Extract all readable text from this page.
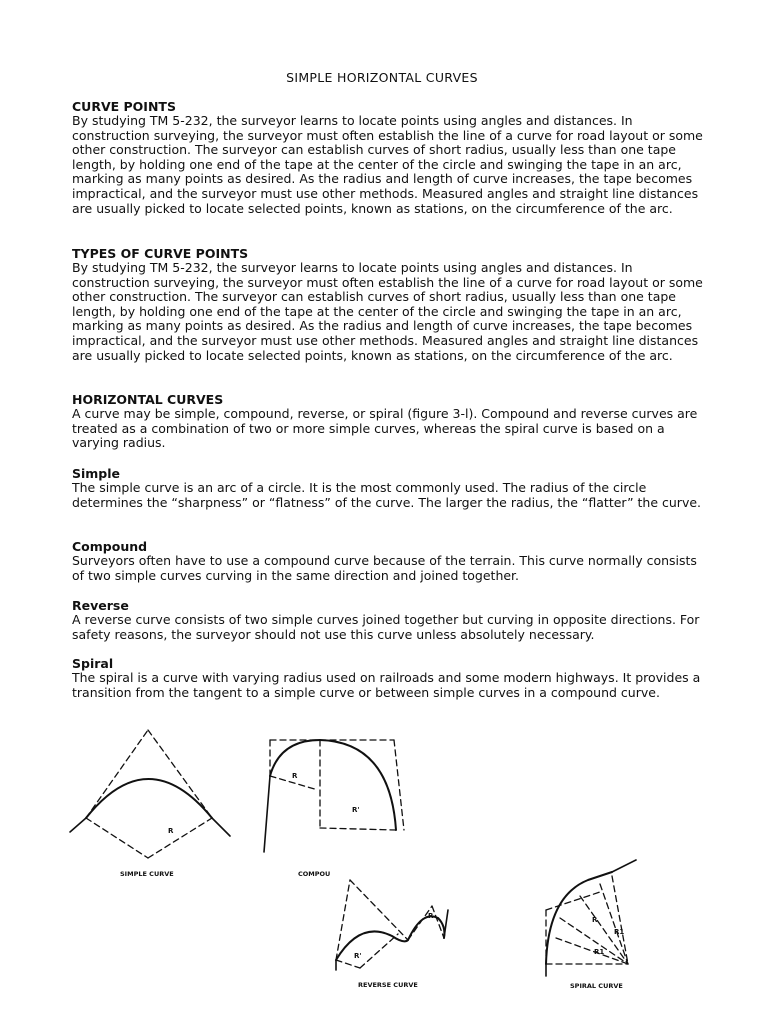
SIMPLE HORIZONTAL CURVES
CURVE POINTS

By studying TM 5-232, the surveyor learns to locate points using angles and distances. In construction surveying, the surveyor must often establish the line of a curve for road layout or some other construction. The surveyor can establish curves of short radius, usually less than one tape length, by holding one end of the tape at the center of the circle and swinging the tape in an arc, marking as many points as desired. As the radius and length of curve increases, the tape becomes impractical, and the surveyor must use other methods. Measured angles and straight line distances are usually picked to locate selected points, known as stations, on the circumference of the arc.

TYPES OF CURVE POINTS

By studying TM 5-232, the surveyor learns to locate points using angles and distances. In construction surveying, the surveyor must often establish the line of a curve for road layout or some other construction. The surveyor can establish curves of short radius, usually less than one tape length, by holding one end of the tape at the center of the circle and swinging the tape in an arc, marking as many points as desired. As the radius and length of curve increases, the tape becomes impractical, and the surveyor must use other methods. Measured angles and straight line distances are usually picked to locate selected points, known as stations, on the circumference of the arc.

HORIZONTAL CURVES

A curve may be simple, compound, reverse, or spiral (figure 3-l). Compound and reverse curves are treated as a combination of two or more simple curves, whereas the spiral curve is based on a varying radius.

Simple

The simple curve is an arc of a circle. It is the most commonly used. The radius of the circle determines the “sharpness” or “flatness” of the curve. The larger the radius, the “flatter” the curve.

Compound

Surveyors often have to use a compound curve because of the terrain. This curve normally consists of two simple curves curving in the same direction and joined together.

Reverse

A reverse curve consists of two simple curves joined together but curving in opposite directions. For safety reasons, the surveyor should not use this curve unless absolutely necessary.

Spiral

The spiral is a curve with varying radius used on railroads and some modern highways. It provides a transition from the tangent to a simple curve or between simple curves in a compound curve.

R
R
R'
R
R'
R
R1
R1
SIMPLE CURVE	COMPOU
REVERSE CURVE	SPIRAL CURVE
